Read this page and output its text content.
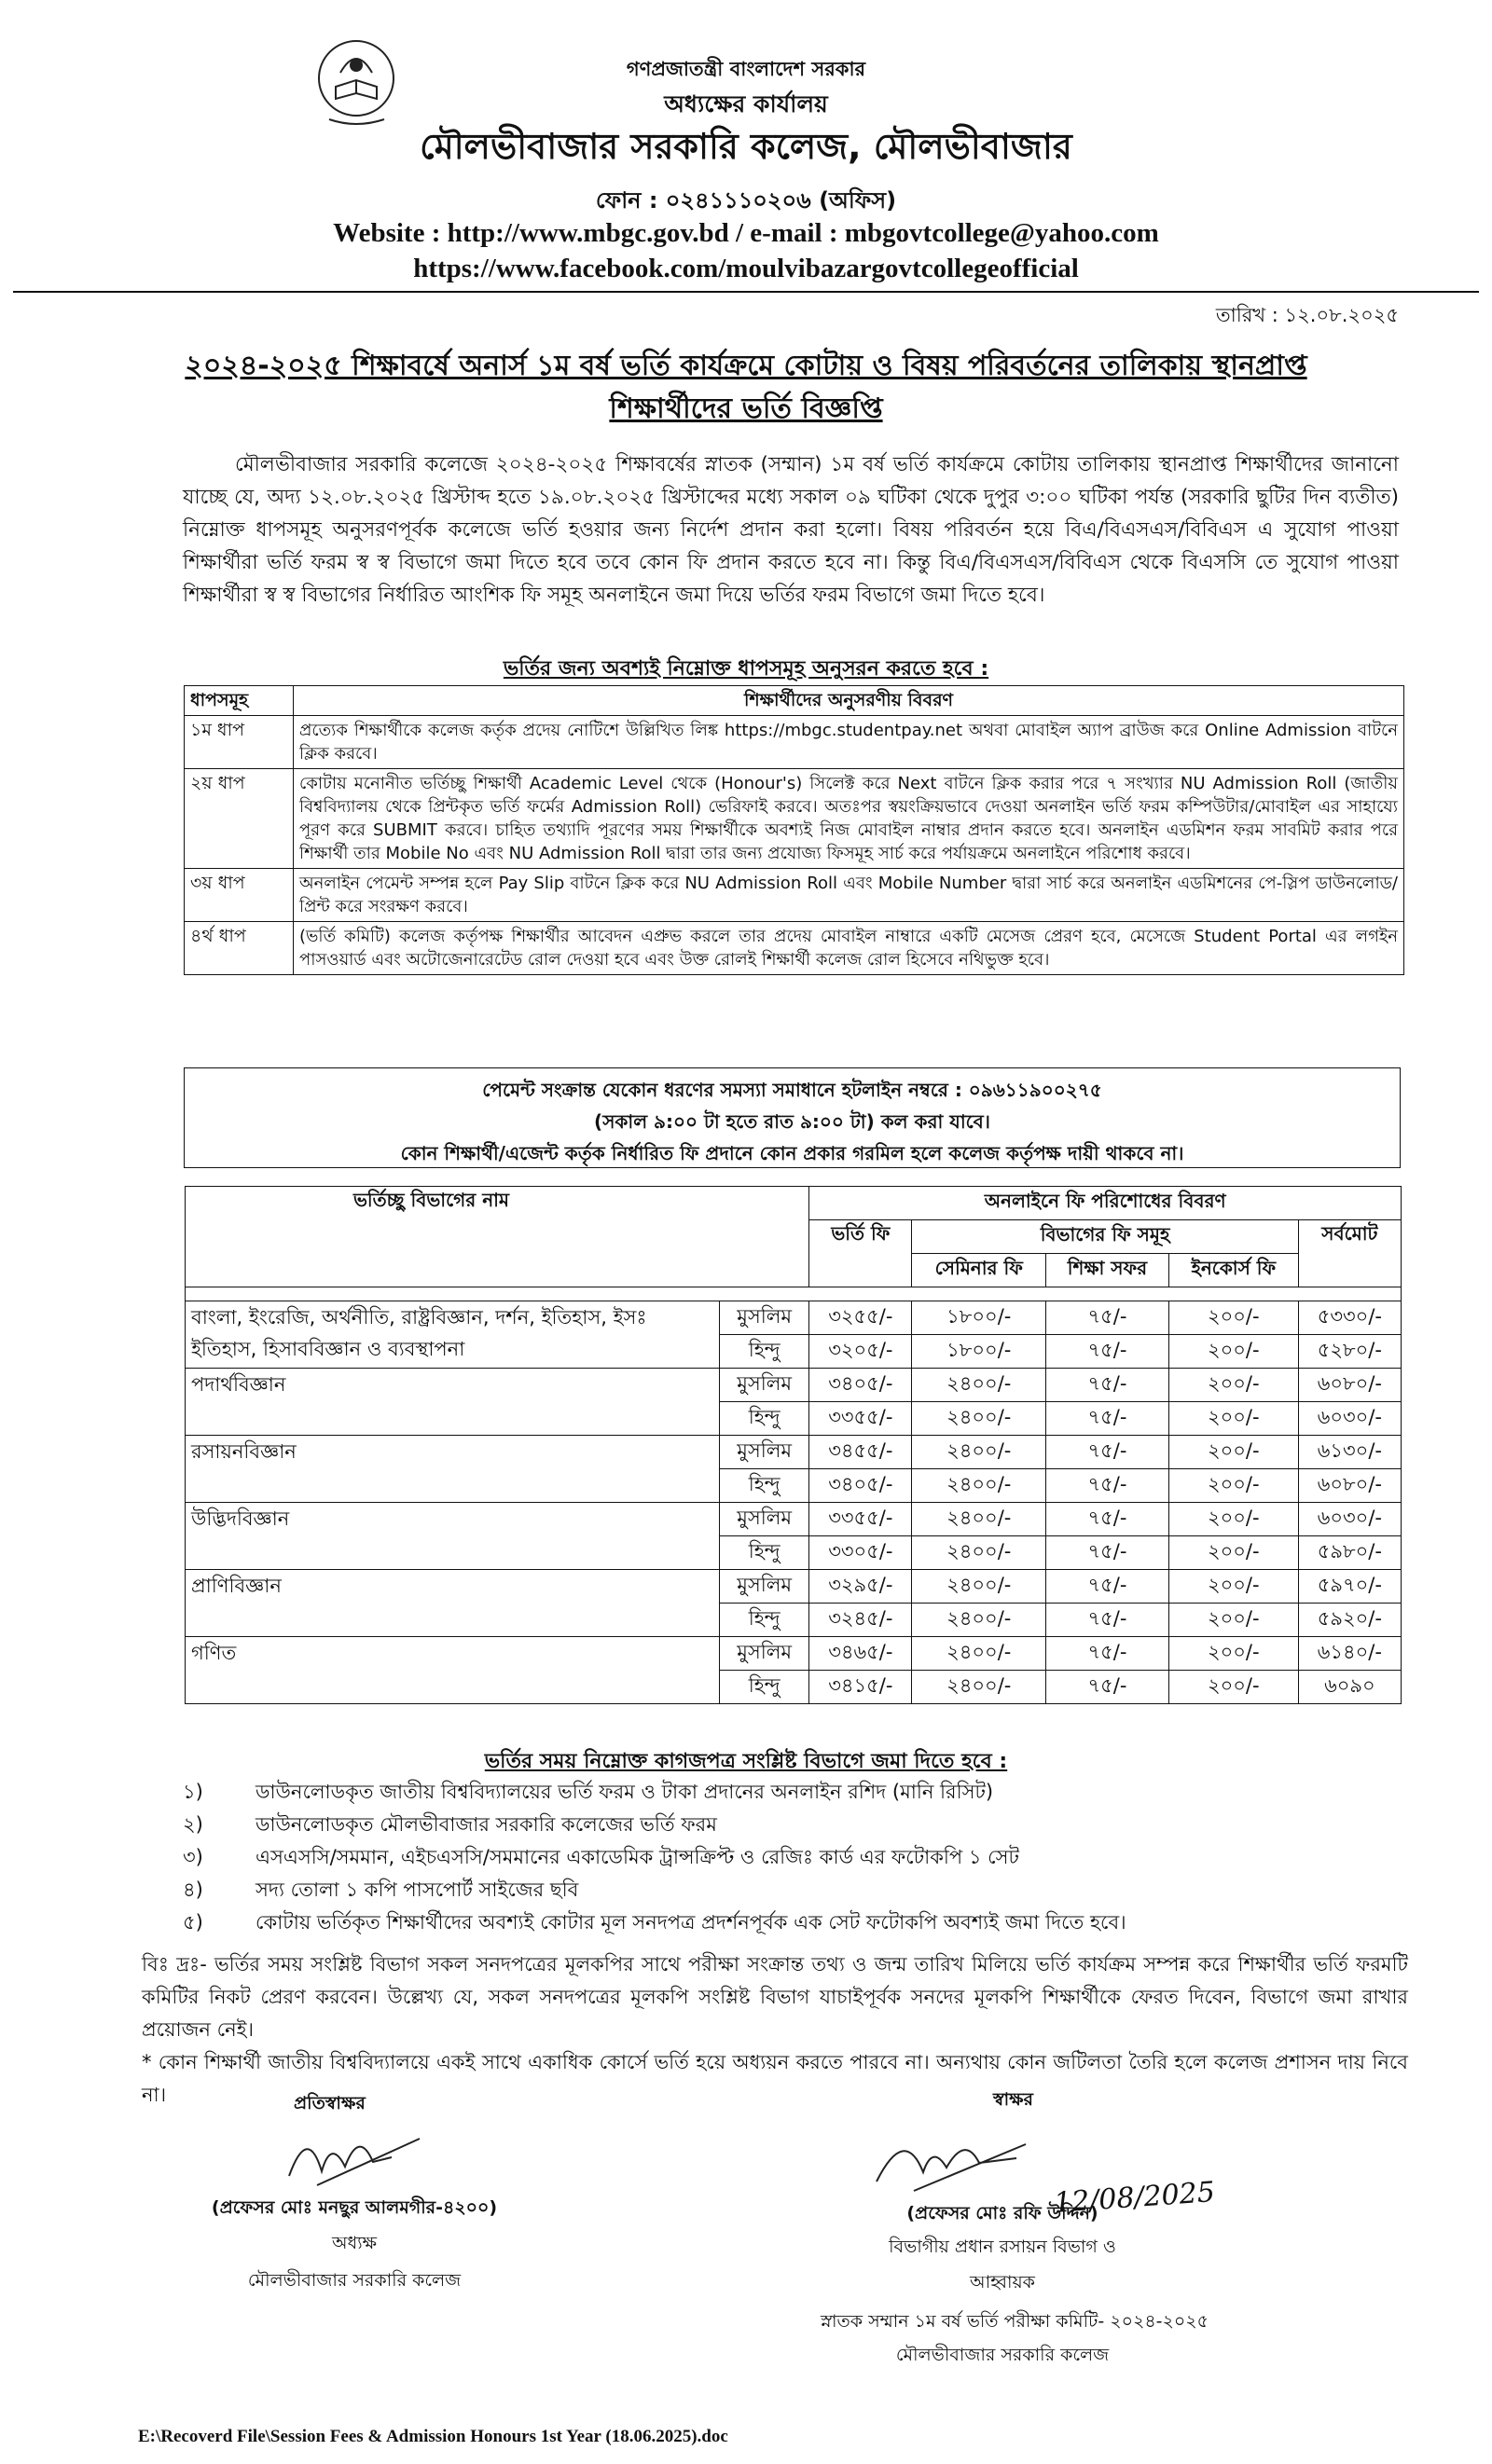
গণপ্রজাতন্ত্রী বাংলাদেশ সরকার
অধ্যক্ষের কার্যালয়
মৌলভীবাজার সরকারি কলেজ, মৌলভীবাজার
ফোন : ০২৪১১১০২০৬ (অফিস)
Website : http://www.mbgc.gov.bd / e-mail : mbgovtcollege@yahoo.com
https://www.facebook.com/moulvibazargovtcollegeofficial
তারিখ : ১২.০৮.২০২৫
২০২৪-২০২৫ শিক্ষাবর্ষে অনার্স ১ম বর্ষ ভর্তি কার্যক্রমে কোটায় ও বিষয় পরিবর্তনের তালিকায় স্থানপ্রাপ্ত
শিক্ষার্থীদের ভর্তি বিজ্ঞপ্তি
মৌলভীবাজার সরকারি কলেজে ২০২৪-২০২৫ শিক্ষাবর্ষের স্নাতক (সম্মান) ১ম বর্ষ ভর্তি কার্যক্রমে কোটায় তালিকায় স্থানপ্রাপ্ত শিক্ষার্থীদের জানানো যাচ্ছে যে, অদ্য ১২.০৮.২০২৫ খ্রিস্টাব্দ হতে ১৯.০৮.২০২৫ খ্রিস্টাব্দের মধ্যে সকাল ০৯ ঘটিকা থেকে দুপুর ৩:০০ ঘটিকা পর্যন্ত (সরকারি ছুটির দিন ব্যতীত) নিম্নোক্ত ধাপসমূহ অনুসরণপূর্বক কলেজে ভর্তি হওয়ার জন্য নির্দেশ প্রদান করা হলো। বিষয় পরিবর্তন হয়ে বিএ/বিএসএস/বিবিএস এ সুযোগ পাওয়া শিক্ষার্থীরা ভর্তি ফরম স্ব স্ব বিভাগে জমা দিতে হবে তবে কোন ফি প্রদান করতে হবে না। কিন্তু বিএ/বিএসএস/বিবিএস থেকে বিএসসি তে সুযোগ পাওয়া শিক্ষার্থীরা স্ব স্ব বিভাগের নির্ধারিত আংশিক ফি সমূহ অনলাইনে জমা দিয়ে ভর্তির ফরম বিভাগে জমা দিতে হবে।
ভর্তির জন্য অবশ্যই নিম্নোক্ত ধাপসমূহ অনুসরন করতে হবে :
ধাপসমূহ	শিক্ষার্থীদের অনুসরণীয় বিবরণ
১ম ধাপ	প্রত্যেক শিক্ষার্থীকে কলেজ কর্তৃক প্রদেয় নোটিশে উল্লিখিত লিঙ্ক https://mbgc.studentpay.net অথবা মোবাইল অ্যাপ ব্রাউজ করে Online Admission বাটনে ক্লিক করবে।
২য় ধাপ	কোটায় মনোনীত ভর্তিচ্ছু শিক্ষার্থী Academic Level থেকে (Honour's) সিলেক্ট করে Next বাটনে ক্লিক করার পরে ৭ সংখ্যার NU Admission Roll (জাতীয় বিশ্ববিদ্যালয় থেকে প্রিন্টকৃত ভর্তি ফর্মের Admission Roll) ভেরিফাই করবে। অতঃপর স্বয়ংক্রিয়ভাবে দেওয়া অনলাইন ভর্তি ফরম কম্পিউটার/মোবাইল এর সাহায্যে পূরণ করে SUBMIT করবে। চাহিত তথ্যাদি পূরণের সময় শিক্ষার্থীকে অবশ্যই নিজ মোবাইল নাম্বার প্রদান করতে হবে। অনলাইন এডমিশন ফরম সাবমিট করার পরে শিক্ষার্থী তার Mobile No এবং NU Admission Roll দ্বারা তার জন্য প্রযোজ্য ফিসমূহ সার্চ করে পর্যায়ক্রমে অনলাইনে পরিশোধ করবে।
৩য় ধাপ	অনলাইন পেমেন্ট সম্পন্ন হলে Pay Slip বাটনে ক্লিক করে NU Admission Roll এবং Mobile Number দ্বারা সার্চ করে অনলাইন এডমিশনের পে-স্লিপ ডাউনলোড/প্রিন্ট করে সংরক্ষণ করবে।
৪র্থ ধাপ	(ভর্তি কমিটি) কলেজ কর্তৃপক্ষ শিক্ষার্থীর আবেদন এপ্রুভ করলে তার প্রদেয় মোবাইল নাম্বারে একটি মেসেজ প্রেরণ হবে, মেসেজে Student Portal এর লগইন পাসওয়ার্ড এবং অটোজেনারেটেড রোল দেওয়া হবে এবং উক্ত রোলই শিক্ষার্থী কলেজ রোল হিসেবে নথিভুক্ত হবে।
পেমেন্ট সংক্রান্ত যেকোন ধরণের সমস্যা সমাধানে হটলাইন নম্বরে : ০৯৬১১৯০০২৭৫
(সকাল ৯:০০ টা হতে রাত ৯:০০ টা) কল করা যাবে।
কোন শিক্ষার্থী/এজেন্ট কর্তৃক নির্ধারিত ফি প্রদানে কোন প্রকার গরমিল হলে কলেজ কর্তৃপক্ষ দায়ী থাকবে না।
ভর্তিচ্ছু বিভাগের নাম		অনলাইনে ফি পরিশোধের বিবরণ				
		ভর্তি ফি	বিভাগের ফি সমূহ			সর্বমোট
			সেমিনার ফি	শিক্ষা সফর	ইনকোর্স ফি	

বাংলা, ইংরেজি, অর্থনীতি, রাষ্ট্রবিজ্ঞান, দর্শন, ইতিহাস, ইসঃ ইতিহাস, হিসাববিজ্ঞান ও ব্যবস্থাপনা	মুসলিম	৩২৫৫/-	১৮০০/-	৭৫/-	২০০/-	৫৩৩০/-
	হিন্দু	৩২০৫/-	১৮০০/-	৭৫/-	২০০/-	৫২৮০/-
পদার্থবিজ্ঞান	মুসলিম	৩৪০৫/-	২৪০০/-	৭৫/-	২০০/-	৬০৮০/-
	হিন্দু	৩৩৫৫/-	২৪০০/-	৭৫/-	২০০/-	৬০৩০/-
রসায়নবিজ্ঞান	মুসলিম	৩৪৫৫/-	২৪০০/-	৭৫/-	২০০/-	৬১৩০/-
	হিন্দু	৩৪০৫/-	২৪০০/-	৭৫/-	২০০/-	৬০৮০/-
উদ্ভিদবিজ্ঞান	মুসলিম	৩৩৫৫/-	২৪০০/-	৭৫/-	২০০/-	৬০৩০/-
	হিন্দু	৩৩০৫/-	২৪০০/-	৭৫/-	২০০/-	৫৯৮০/-
প্রাণিবিজ্ঞান	মুসলিম	৩২৯৫/-	২৪০০/-	৭৫/-	২০০/-	৫৯৭০/-
	হিন্দু	৩২৪৫/-	২৪০০/-	৭৫/-	২০০/-	৫৯২০/-
গণিত	মুসলিম	৩৪৬৫/-	২৪০০/-	৭৫/-	২০০/-	৬১৪০/-
	হিন্দু	৩৪১৫/-	২৪০০/-	৭৫/-	২০০/-	৬০৯০
ভর্তির সময় নিম্নোক্ত কাগজপত্র সংশ্লিষ্ট বিভাগে জমা দিতে হবে :
১)	ডাউনলোডকৃত জাতীয় বিশ্ববিদ্যালয়ের ভর্তি ফরম ও টাকা প্রদানের অনলাইন রশিদ (মানি রিসিট)
২)	ডাউনলোডকৃত মৌলভীবাজার সরকারি কলেজের ভর্তি ফরম
৩)	এসএসসি/সমমান, এইচএসসি/সমমানের একাডেমিক ট্রান্সক্রিপ্ট ও রেজিঃ কার্ড এর ফটোকপি ১ সেট
৪)	সদ্য তোলা ১ কপি পাসপোর্ট সাইজের ছবি
৫)	কোটায় ভর্তিকৃত শিক্ষার্থীদের অবশ্যই কোটার মূল সনদপত্র প্রদর্শনপূর্বক এক সেট ফটোকপি অবশ্যই জমা দিতে হবে।
বিঃ দ্রঃ- ভর্তির সময় সংশ্লিষ্ট বিভাগ সকল সনদপত্রের মূলকপির সাথে পরীক্ষা সংক্রান্ত তথ্য ও জন্ম তারিখ মিলিয়ে ভর্তি কার্যক্রম সম্পন্ন করে শিক্ষার্থীর ভর্তি ফরমটি কমিটির নিকট প্রেরণ করবেন। উল্লেখ্য যে, সকল সনদপত্রের মূলকপি সংশ্লিষ্ট বিভাগ যাচাইপূর্বক সনদের মূলকপি শিক্ষার্থীকে ফেরত দিবেন, বিভাগে জমা রাখার প্রয়োজন নেই।
* কোন শিক্ষার্থী জাতীয় বিশ্ববিদ্যালয়ে একই সাথে একাধিক কোর্সে ভর্তি হয়ে অধ্যয়ন করতে পারবে না। অন্যথায় কোন জটিলতা তৈরি হলে কলেজ প্রশাসন দায় নিবে না।	প্রতিস্বাক্ষর
(প্রফেসর মোঃ মনছুর আলমগীর-৪২০০)
অধ্যক্ষ
মৌলভীবাজার সরকারি কলেজ
স্বাক্ষর
(প্রফেসর মোঃ রফি উদ্দিন)
বিভাগীয় প্রধান রসায়ন বিভাগ ও
আহ্বায়ক
স্নাতক সম্মান ১ম বর্ষ ভর্তি পরীক্ষা কমিটি- ২০২৪-২০২৫
মৌলভীবাজার সরকারি কলেজ
12/08/2025
E:\Recoverd File\Session Fees & Admission Honours 1st Year (18.06.2025).doc
